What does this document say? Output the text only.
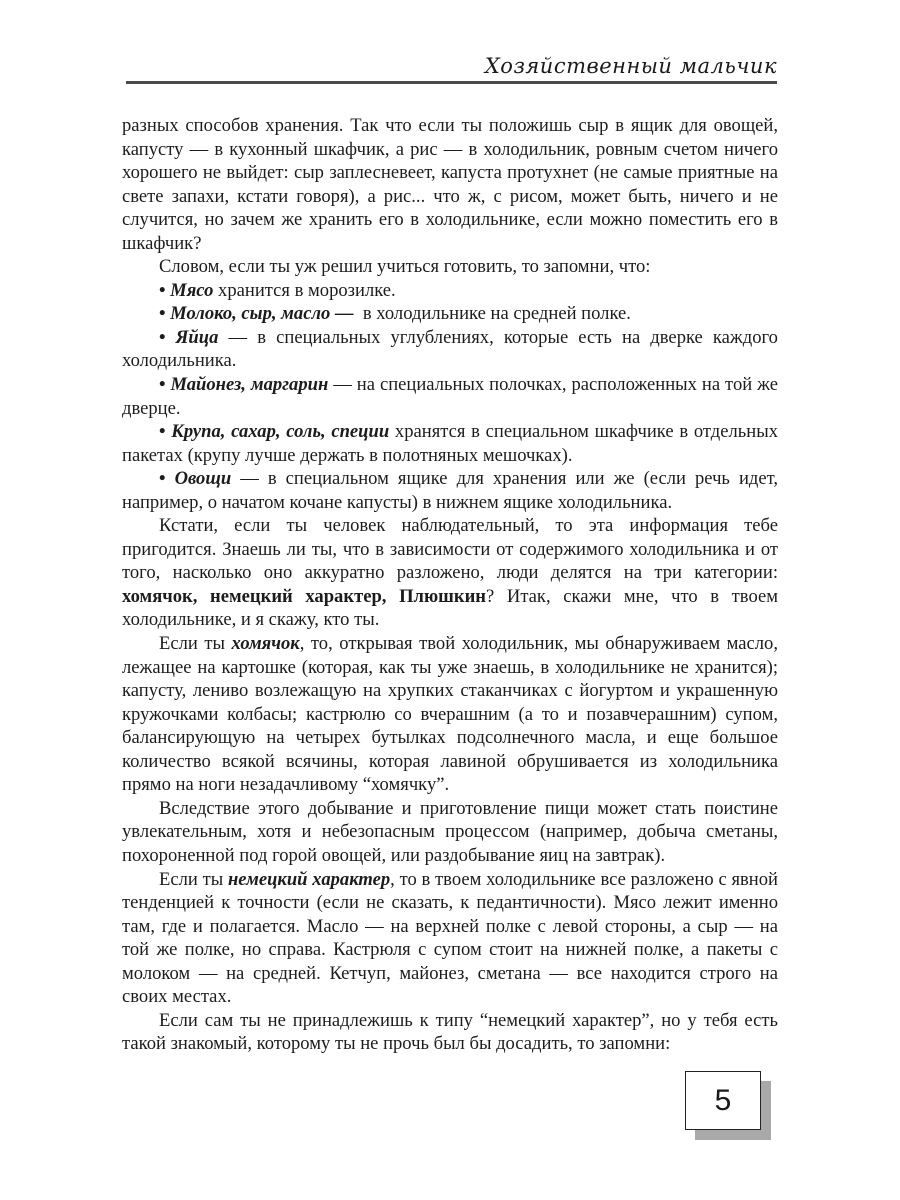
Хозяйственный мальчик

разных способов хранения. Так что если ты положишь сыр в ящик для овощей, капусту — в кухонный шкафчик, а рис — в холодильник, ровным счетом ничего хорошего не выйдет: сыр заплесневеет, капуста протухнет (не самые приятные на свете запахи, кстати говоря), а рис... что ж, с рисом, может быть, ничего и не случится, но зачем же хранить его в холодильнике, если можно поместить его в шкафчик?

Словом, если ты уж решил учиться готовить, то запомни, что:

• Мясо хранится в морозилке.

• Молоко, сыр, масло —  в холодильнике на средней полке.

• Яйца — в специальных углублениях, которые есть на дверке каждого холодильника.

• Майонез, маргарин — на специальных полочках, расположенных на той же дверце.

• Крупа, сахар, соль, специи хранятся в специальном шкафчике в отдельных пакетах (крупу лучше держать в полотняных мешочках).

• Овощи — в специальном ящике для хранения или же (если речь идет, например, о начатом кочане капусты) в нижнем ящике холодильника.

Кстати, если ты человек наблюдательный, то эта информация тебе пригодится. Знаешь ли ты, что в зависимости от содержимого холодильника и от того, насколько оно аккуратно разложено, люди делятся на три категории: хомячок, немецкий характер, Плюшкин? Итак, скажи мне, что в твоем холодильнике, и я скажу, кто ты.

Если ты хомячок, то, открывая твой холодильник, мы обнаруживаем масло, лежащее на картошке (которая, как ты уже знаешь, в холодильнике не хранится); капусту, лениво возлежащую на хрупких стаканчиках с йогуртом и украшенную кружочками колбасы; кастрюлю со вчерашним (а то и позавчерашним) супом, балансирующую на четырех бутылках подсолнечного масла, и еще большое количество всякой всячины, которая лавиной обрушивается из холодильника прямо на ноги незадачливому “хомячку”.

Вследствие этого добывание и приготовление пищи может стать поистине увлекательным, хотя и небезопасным процессом (например, добыча сметаны, похороненной под горой овощей, или раздобывание яиц на завтрак).

Если ты немецкий характер, то в твоем холодильнике все разложено с явной тенденцией к точности (если не сказать, к педантичности). Мясо лежит именно там, где и полагается. Масло — на верхней полке с левой стороны, а сыр — на той же полке, но справа. Кастрюля с супом стоит на нижней полке, а пакеты с молоком — на средней. Кетчуп, майонез, сметана — все находится строго на своих местах.

Если сам ты не принадлежишь к типу “немецкий характер”, но у тебя есть такой знакомый, которому ты не прочь был бы досадить, то запомни:

5
